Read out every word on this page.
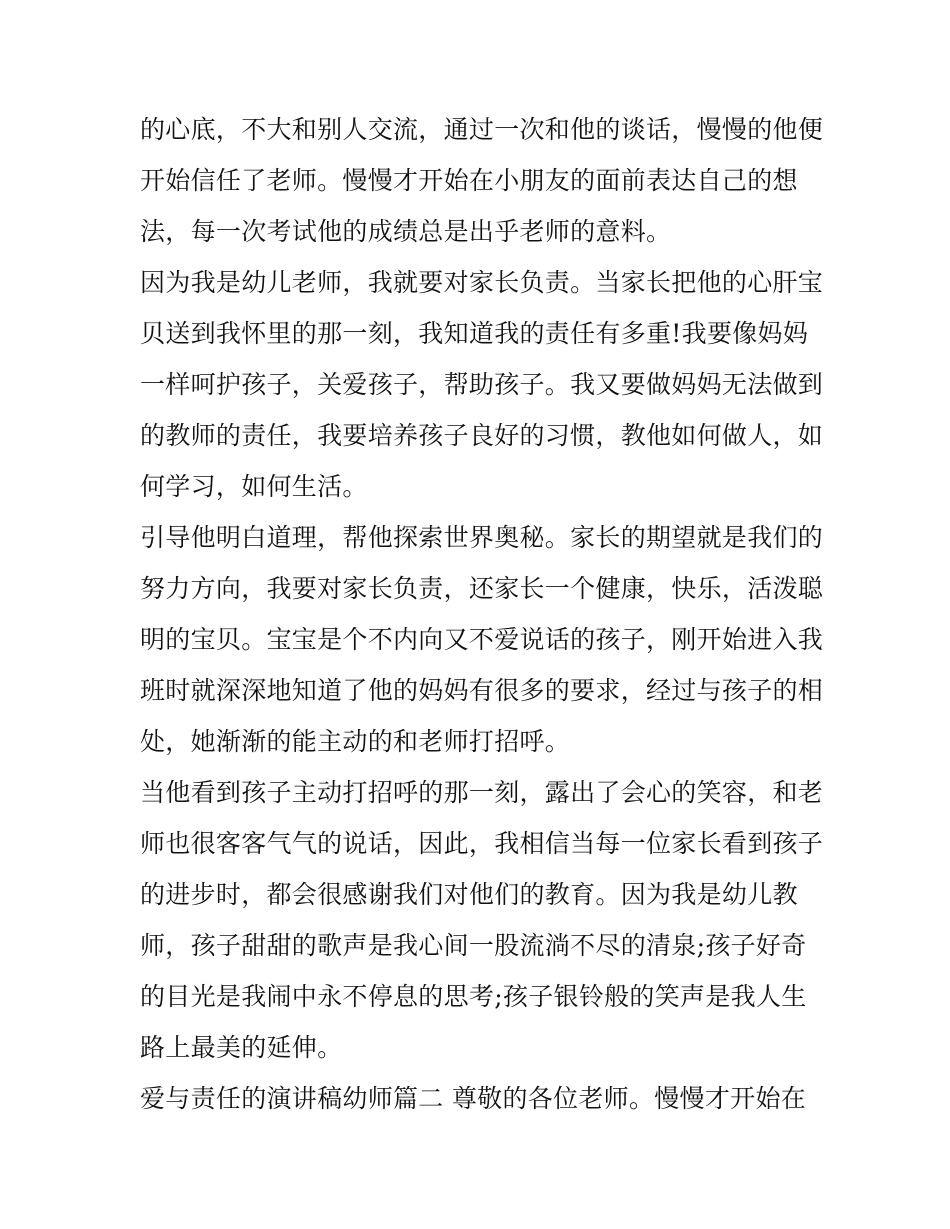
的心底，不大和别人交流，通过一次和他的谈话，慢慢的他便
开始信任了老师。慢慢才开始在小朋友的面前表达自己的想
法，每一次考试他的成绩总是出乎老师的意料。
因为我是幼儿老师，我就要对家长负责。当家长把他的心肝宝
贝送到我怀里的那一刻，我知道我的责任有多重!我要像妈妈
一样呵护孩子，关爱孩子，帮助孩子。我又要做妈妈无法做到
的教师的责任，我要培养孩子良好的习惯，教他如何做人，如
何学习，如何生活。
引导他明白道理，帮他探索世界奥秘。家长的期望就是我们的
努力方向，我要对家长负责，还家长一个健康，快乐，活泼聪
明的宝贝。宝宝是个不内向又不爱说话的孩子，刚开始进入我
班时就深深地知道了他的妈妈有很多的要求，经过与孩子的相
处，她渐渐的能主动的和老师打招呼。
当他看到孩子主动打招呼的那一刻，露出了会心的笑容，和老
师也很客客气气的说话，因此，我相信当每一位家长看到孩子
的进步时，都会很感谢我们对他们的教育。因为我是幼儿教
师，孩子甜甜的歌声是我心间一股流淌不尽的清泉;孩子好奇
的目光是我闹中永不停息的思考;孩子银铃般的笑声是我人生
路上最美的延伸。
爱与责任的演讲稿幼师篇二 尊敬的各位老师。慢慢才开始在
